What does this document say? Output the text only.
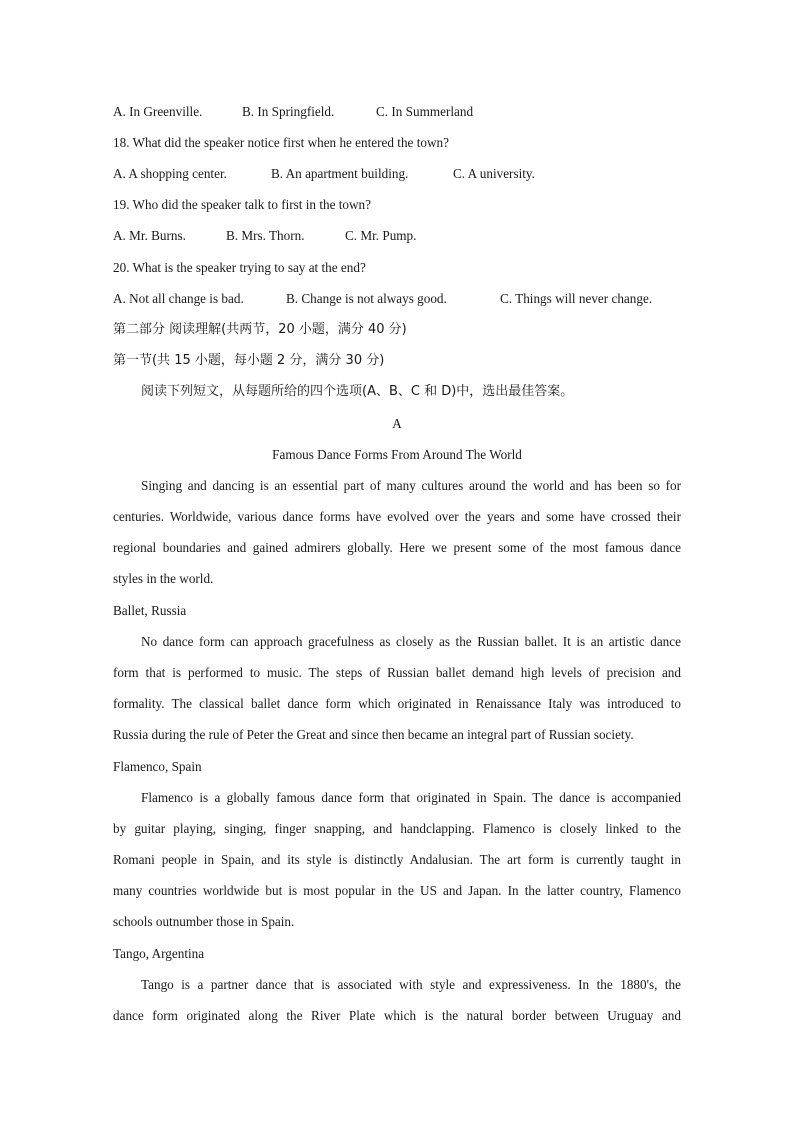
A. In Greenville.	B. In Springfield.	C. In Summerland
18. What did the speaker notice first when he entered the town?
A. A shopping center.	B. An apartment building.	C. A university.
19. Who did the speaker talk to first in the town?
A. Mr. Burns.	B. Mrs. Thorn.	C. Mr. Pump.
20. What is the speaker trying to say at the end?
A. Not all change is bad.	B. Change is not always good.	C. Things will never change.
第二部分 阅读理解(共两节，20 小题，满分 40 分)
第一节(共 15 小题，每小题 2 分，满分 30 分)
阅读下列短文，从每题所给的四个选项(A、B、C 和 D)中，选出最佳答案。
A
Famous Dance Forms From Around The World
Singing and dancing is an essential part of many cultures around the world and has been so for
centuries. Worldwide, various dance forms have evolved over the years and some have crossed their
regional boundaries and gained admirers globally. Here we present some of the most famous dance
styles in the world.
Ballet, Russia
No dance form can approach gracefulness as closely as the Russian ballet. It is an artistic dance
form that is performed to music. The steps of Russian ballet demand high levels of precision and
formality. The classical ballet dance form which originated in Renaissance Italy was introduced to
Russia during the rule of Peter the Great and since then became an integral part of Russian society.
Flamenco, Spain
Flamenco is a globally famous dance form that originated in Spain. The dance is accompanied
by guitar playing, singing, finger snapping, and handclapping. Flamenco is closely linked to the
Romani people in Spain, and its style is distinctly Andalusian. The art form is currently taught in
many countries worldwide but is most popular in the US and Japan. In the latter country, Flamenco
schools outnumber those in Spain.
Tango, Argentina
Tango is a partner dance that is associated with style and expressiveness. In the 1880's, the
dance form originated along the River Plate which is the natural border between Uruguay and
